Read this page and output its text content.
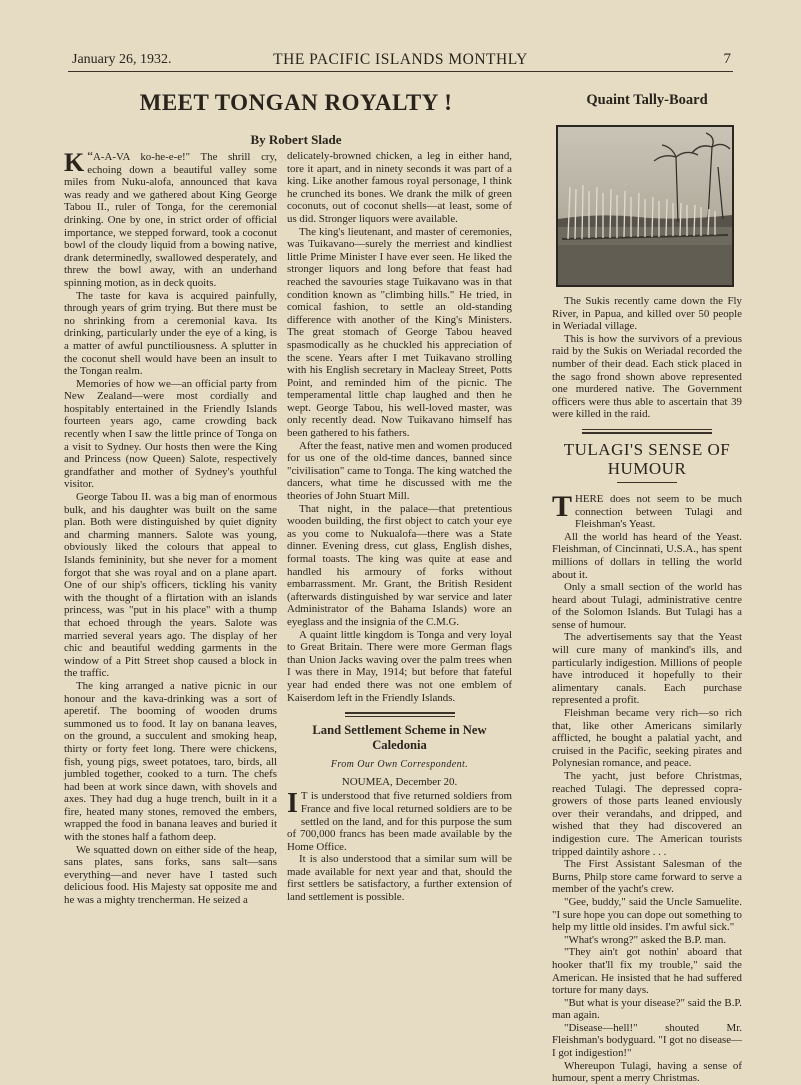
January 26, 1932.	THE PACIFIC ISLANDS MONTHLY	7
MEET TONGAN ROYALTY !
By Robert Slade

“
K A-A-VA ko-he-e-e!" The shrill cry, echoing down a beautiful valley some miles from Nuku-alofa, announced that kava was ready and we gathered about King George Tabou II., ruler of Tonga, for the ceremonial drinking. One by one, in strict order of official importance, we stepped forward, took a coconut bowl of the cloudy liquid from a bowing native, drank determinedly, swallowed desperately, and threw the bowl away, with an underhand spinning motion, as in deck quoits.

The taste for kava is acquired painfully, through years of grim trying. But there must be no shrinking from a ceremonial kava. Its drinking, particularly under the eye of a king, is a matter of awful punctiliousness. A splutter in the coconut shell would have been an insult to the Tongan realm.

Memories of how we—an official party from New Zealand—were most cordially and hospitably entertained in the Friendly Islands fourteen years ago, came crowding back recently when I saw the little prince of Tonga on a visit to Sydney. Our hosts then were the King and Princess (now Queen) Salote, respectively grandfather and mother of Sydney's youthful visitor.

George Tabou II. was a big man of enormous bulk, and his daughter was built on the same plan. Both were distinguished by quiet dignity and charming manners. Salote was young, obviously liked the colours that appeal to Islands femininity, but she never for a moment forgot that she was royal and on a plane apart. One of our ship's officers, tickling his vanity with the thought of a flirtation with an islands princess, was "put in his place" with a thump that echoed through the years. Salote was married several years ago. The display of her chic and beautiful wedding garments in the window of a Pitt Street shop caused a block in the traffic.

The king arranged a native picnic in our honour and the kava-drinking was a sort of aperetif. The booming of wooden drums summoned us to food. It lay on banana leaves, on the ground, a succulent and smoking heap, thirty or forty feet long. There were chickens, fish, young pigs, sweet potatoes, taro, birds, all jumbled together, cooked to a turn. The chefs had been at work since dawn, with shovels and axes. They had dug a huge trench, built in it a fire, heated many stones, removed the embers, wrapped the food in banana leaves and buried it with the stones half a fathom deep.

We squatted down on either side of the heap, sans plates, sans forks, sans salt—sans everything—and never have I tasted such delicious food. His Majesty sat opposite me and he was a mighty trencherman. He seized a

delicately-browned chicken, a leg in either hand, tore it apart, and in ninety seconds it was part of a king. Like another famous royal personage, I think he crunched its bones. We drank the milk of green coconuts, out of coconut shells—at least, some of us did. Stronger liquors were available.

The king's lieutenant, and master of ceremonies, was Tuikavano—surely the merriest and kindliest little Prime Minister I have ever seen. He liked the stronger liquors and long before that feast had reached the savouries stage Tuikavano was in that condition known as "climbing hills." He tried, in comical fashion, to settle an old-standing difference with another of the King's Ministers. The great stomach of George Tabou heaved spasmodically as he chuckled his appreciation of the scene. Years after I met Tuikavano strolling with his English secretary in Macleay Street, Potts Point, and reminded him of the picnic. The temperamental little chap laughed and then he wept. George Tabou, his well-loved master, was only recently dead. Now Tuikavano himself has been gathered to his fathers.

After the feast, native men and women produced for us one of the old-time dances, banned since "civilisation" came to Tonga. The king watched the dancers, what time he discussed with me the theories of John Stuart Mill.

That night, in the palace—that pretentious wooden building, the first object to catch your eye as you come to Nukualofa—there was a State dinner. Evening dress, cut glass, English dishes, formal toasts. The king was quite at ease and handled his armoury of forks without embarrassment. Mr. Grant, the British Resident (afterwards distinguished by war service and later Administrator of the Bahama Islands) wore an eyeglass and the insignia of the C.M.G.

A quaint little kingdom is Tonga and very loyal to Great Britain. There were more German flags than Union Jacks waving over the palm trees when I was there in May, 1914; but before that fateful year had ended there was not one emblem of Kaiserdom left in the Friendly Islands.

Land Settlement Scheme in New Caledonia
From Our Own Correspondent.
NOUMEA, December 20.

I T is understood that five returned soldiers from France and five local returned soldiers are to be settled on the land, and for this purpose the sum of 700,000 francs has been made available by the Home Office.

It is also understood that a similar sum will be made available for next year and that, should the first settlers be satisfactory, a further extension of land settlement is possible.

Quaint Tally-Board

The Sukis recently came down the Fly River, in Papua, and killed over 50 people in Weriadal village.

This is how the survivors of a previous raid by the Sukis on Weriadal recorded the number of their dead. Each stick placed in the sago frond shown above represented one murdered native. The Government officers were thus able to ascertain that 39 were killed in the raid.

TULAGI'S SENSE OF HUMOUR

THERE does not seem to be much connection between Tulagi and Fleishman's Yeast.

All the world has heard of the Yeast. Fleishman, of Cincinnati, U.S.A., has spent millions of dollars in telling the world about it.

Only a small section of the world has heard about Tulagi, administrative centre of the Solomon Islands. But Tulagi has a sense of humour.

The advertisements say that the Yeast will cure many of mankind's ills, and particularly indigestion. Millions of people have introduced it hopefully to their alimentary canals. Each purchase represented a profit.

Fleishman became very rich—so rich that, like other Americans similarly afflicted, he bought a palatial yacht, and cruised in the Pacific, seeking pirates and Polynesian romance, and peace.

The yacht, just before Christmas, reached Tulagi. The depressed copra-growers of those parts leaned enviously over their verandahs, and dripped, and wished that they had discovered an indigestion cure. The American tourists tripped daintily ashore . . .

The First Assistant Salesman of the Burns, Philp store came forward to serve a member of the yacht's crew.

"Gee, buddy," said the Uncle Samuelite. "I sure hope you can dope out something to help my little old insides. I'm awful sick."

"What's wrong?" asked the B.P. man.

"They ain't got nothin' aboard that hooker that'll fix my trouble," said the American. He insisted that he had suffered torture for many days.

"But what is your disease?" said the B.P. man again.

"Disease—hell!" shouted Mr. Fleishman's bodyguard. "I got no disease—I got indigestion!"

Whereupon Tulagi, having a sense of humour, spent a merry Christmas.
